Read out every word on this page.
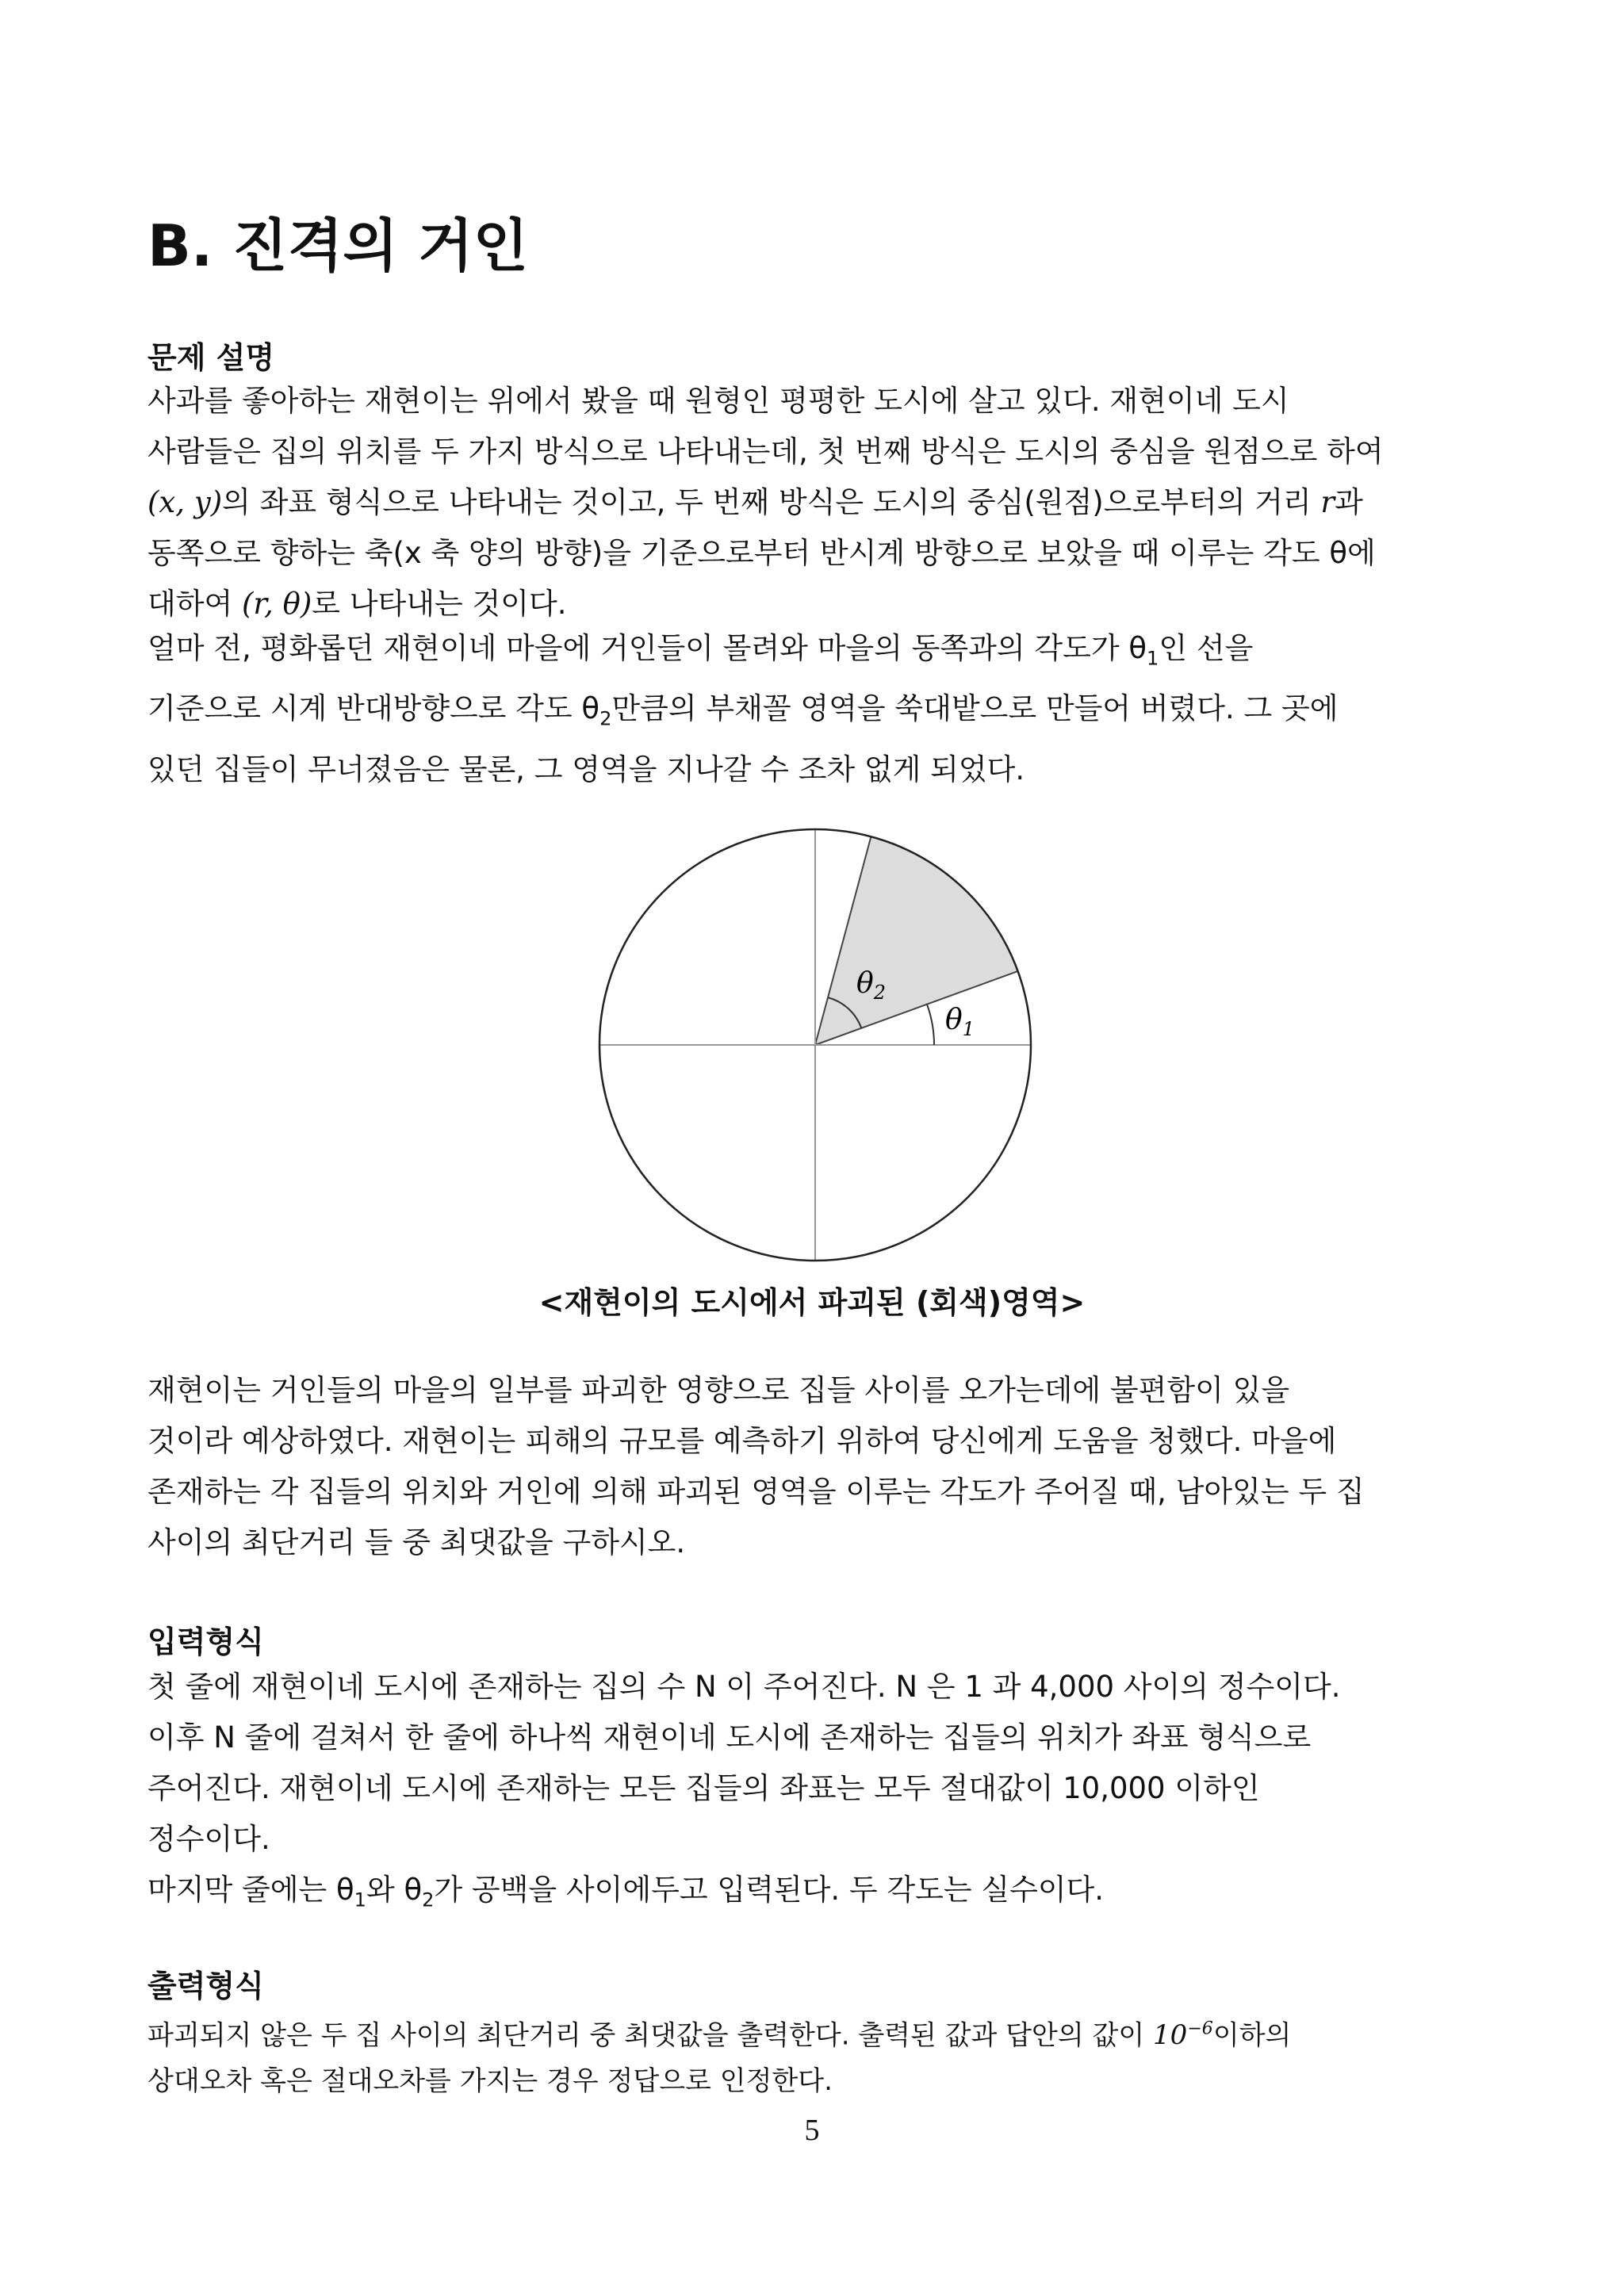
B. 진격의 거인
문제 설명
사과를 좋아하는 재현이는 위에서 봤을 때 원형인 평평한 도시에 살고 있다. 재현이네 도시
사람들은 집의 위치를 두 가지 방식으로 나타내는데, 첫 번째 방식은 도시의 중심을 원점으로 하여
(x, y)의 좌표 형식으로 나타내는 것이고, 두 번째 방식은 도시의 중심(원점)으로부터의 거리 r과
동쪽으로 향하는 축(x 축 양의 방향)을 기준으로부터 반시계 방향으로 보았을 때 이루는 각도 θ에
대하여 (r, θ)로 나타내는 것이다.
얼마 전, 평화롭던 재현이네 마을에 거인들이 몰려와 마을의 동쪽과의 각도가 $\theta_1$인 선을
기준으로 시계 반대방향으로 각도 $\theta_2$만큼의 부채꼴 영역을 쑥대밭으로 만들어 버렸다. 그 곳에
있던 집들이 무너졌음은 물론, 그 영역을 지나갈 수 조차 없게 되었다.
$\theta_2$
$\theta_1$
<재현이의 도시에서 파괴된 (회색)영역>
재현이는 거인들의 마을의 일부를 파괴한 영향으로 집들 사이를 오가는데에 불편함이 있을
것이라 예상하였다. 재현이는 피해의 규모를 예측하기 위하여 당신에게 도움을 청했다. 마을에
존재하는 각 집들의 위치와 거인에 의해 파괴된 영역을 이루는 각도가 주어질 때, 남아있는 두 집
사이의 최단거리 들 중 최댓값을 구하시오.
입력형식
첫 줄에 재현이네 도시에 존재하는 집의 수 N 이 주어진다. N 은 1 과 4,000 사이의 정수이다.
이후 N 줄에 걸쳐서 한 줄에 하나씩 재현이네 도시에 존재하는 집들의 위치가 좌표 형식으로
주어진다. 재현이네 도시에 존재하는 모든 집들의 좌표는 모두 절대값이 10,000 이하인
정수이다.
마지막 줄에는 $\theta_1$와 $\theta_2$가 공백을 사이에두고 입력된다. 두 각도는 실수이다.
출력형식
파괴되지 않은 두 집 사이의 최단거리 중 최댓값을 출력한다. 출력된 값과 답안의 값이 $10^{-6}$이하의
상대오차 혹은 절대오차를 가지는 경우 정답으로 인정한다.
5
